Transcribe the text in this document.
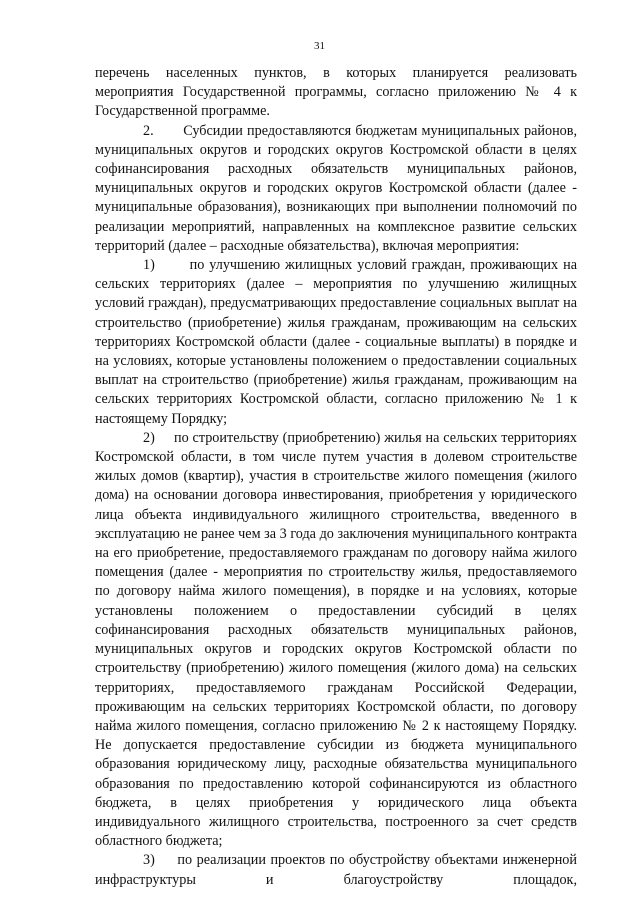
31

перечень населенных пунктов, в которых планируется реализовать мероприятия Государственной программы, согласно приложению № 4 к Государственной программе.

2.       Субсидии предоставляются бюджетам муниципальных районов, муниципальных округов и городских округов Костромской области в целях софинансирования расходных обязательств муниципальных районов, муниципальных округов и городских округов Костромской области (далее - муниципальные образования), возникающих при выполнении полномочий по реализации мероприятий, направленных на комплексное развитие сельских территорий (далее – расходные обязательства), включая мероприятия:

1)       по улучшению жилищных условий граждан, проживающих на сельских территориях (далее – мероприятия по улучшению жилищных условий граждан), предусматривающих предоставление социальных выплат на строительство (приобретение) жилья гражданам, проживающим на сельских территориях Костромской области (далее - социальные выплаты) в порядке и на условиях, которые установлены положением о предоставлении социальных выплат на строительство (приобретение) жилья гражданам, проживающим на сельских территориях Костромской области, согласно приложению № 1 к настоящему Порядку;

2)     по строительству (приобретению) жилья на сельских территориях Костромской области, в том числе путем участия в долевом строительстве жилых домов (квартир), участия в строительстве жилого помещения (жилого дома) на основании договора инвестирования, приобретения у юридического лица объекта индивидуального жилищного строительства, введенного в эксплуатацию не ранее чем за 3 года до заключения муниципального контракта на его приобретение, предоставляемого гражданам по договору найма жилого помещения (далее - мероприятия по строительству жилья, предоставляемого по договору найма жилого помещения), в порядке и на условиях, которые установлены положением о предоставлении субсидий в целях софинансирования расходных обязательств муниципальных районов, муниципальных округов и городских округов Костромской области по строительству (приобретению) жилого помещения (жилого дома) на сельских территориях, предоставляемого гражданам Российской Федерации, проживающим на сельских территориях Костромской области, по договору найма жилого помещения, согласно приложению № 2 к настоящему Порядку. Не допускается предоставление субсидии из бюджета муниципального образования юридическому лицу, расходные обязательства муниципального образования по предоставлению которой софинансируются из областного бюджета, в целях приобретения у юридического лица объекта индивидуального жилищного строительства, построенного за счет средств областного бюджета;

3)     по реализации проектов по обустройству объектами инженерной инфраструктуры и благоустройству площадок,
